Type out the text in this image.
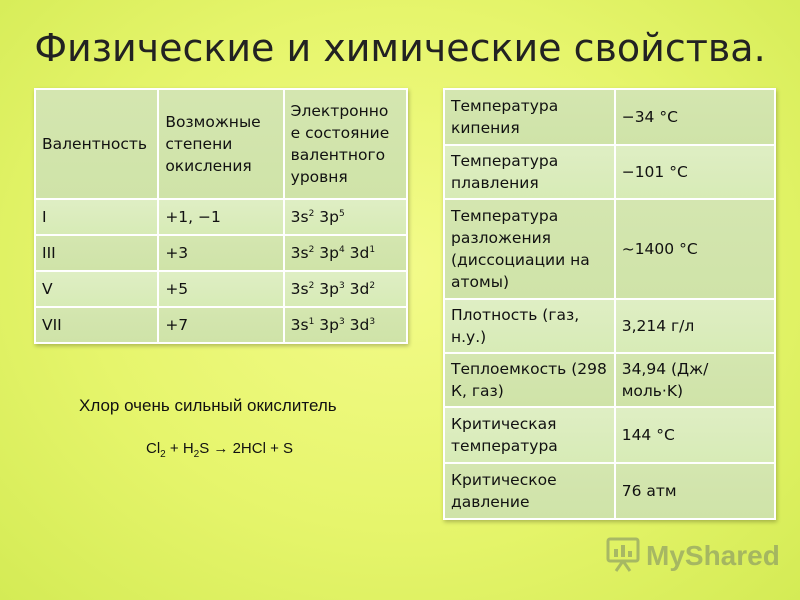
Физические и химические свойства.
Валентность	Возможные степени окисления	Электронно е состояние валентного уровня
I	+1, −1	$3s^2$ $3p^5$
III	+3	$3s^2$ $3p^4$ $3d^1$
V	+5	$3s^2$ $3p^3$ $3d^2$
VII	+7	$3s^1$ $3p^3$ $3d^3$
Температура кипения	−34 °C
Температура плавления	−101 °C
Температура разложения (диссоциации на атомы)	~1400 °C
Плотность (газ, н.у.)	3,214 г/л
Теплоемкость (298 К, газ)	34,94 (Дж/моль·K)
Критическая температура	144 °C
Критическое давление	76 атм
Хлор очень сильный окислитель
$Cl_2 + H_2S \to 2HCl + S$
MyShared
